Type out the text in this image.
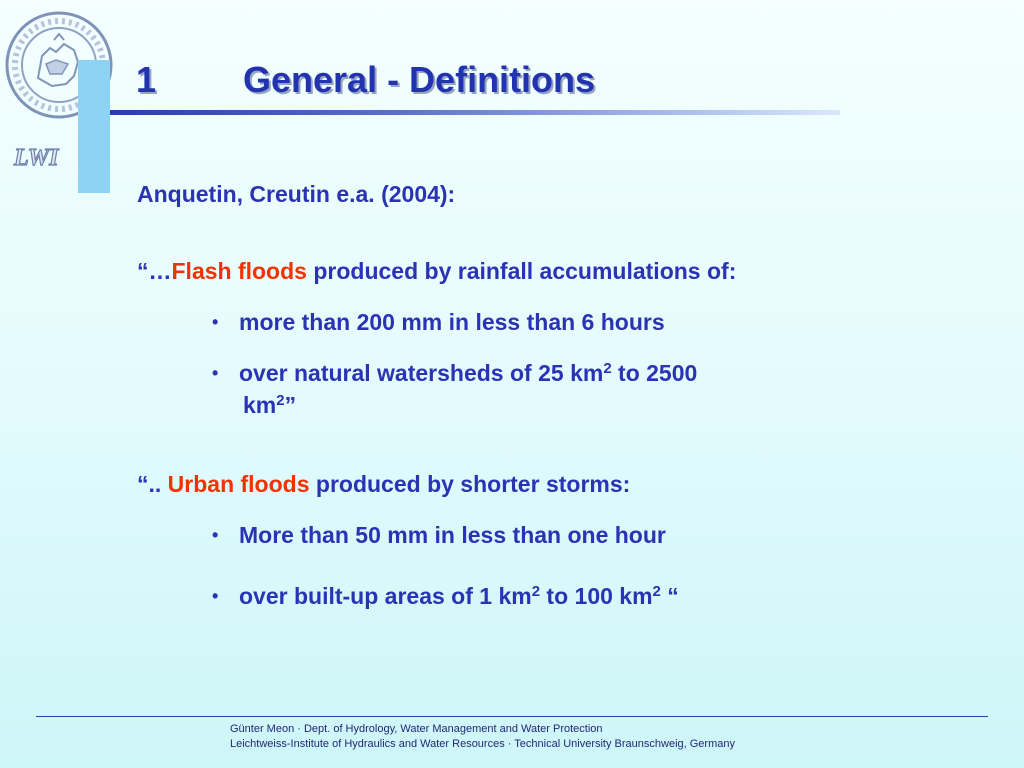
LWI
1 General - Definitions

Anquetin, Creutin e.a. (2004):

“…Flash floods produced by rainfall accumulations of:

• more than 200 mm in less than 6 hours

• over natural watersheds of 25 $km^2$ to 2500

$km^2$”

“.. Urban floods produced by shorter storms:

• More than 50 mm in less than one hour

• over built-up areas of 1 $km^2$ to 100 $km^2$ “

Günter Meon · Dept. of Hydrology, Water Management and Water Protection
Leichtweiss-Institute of Hydraulics and Water Resources · Technical University Braunschweig, Germany
